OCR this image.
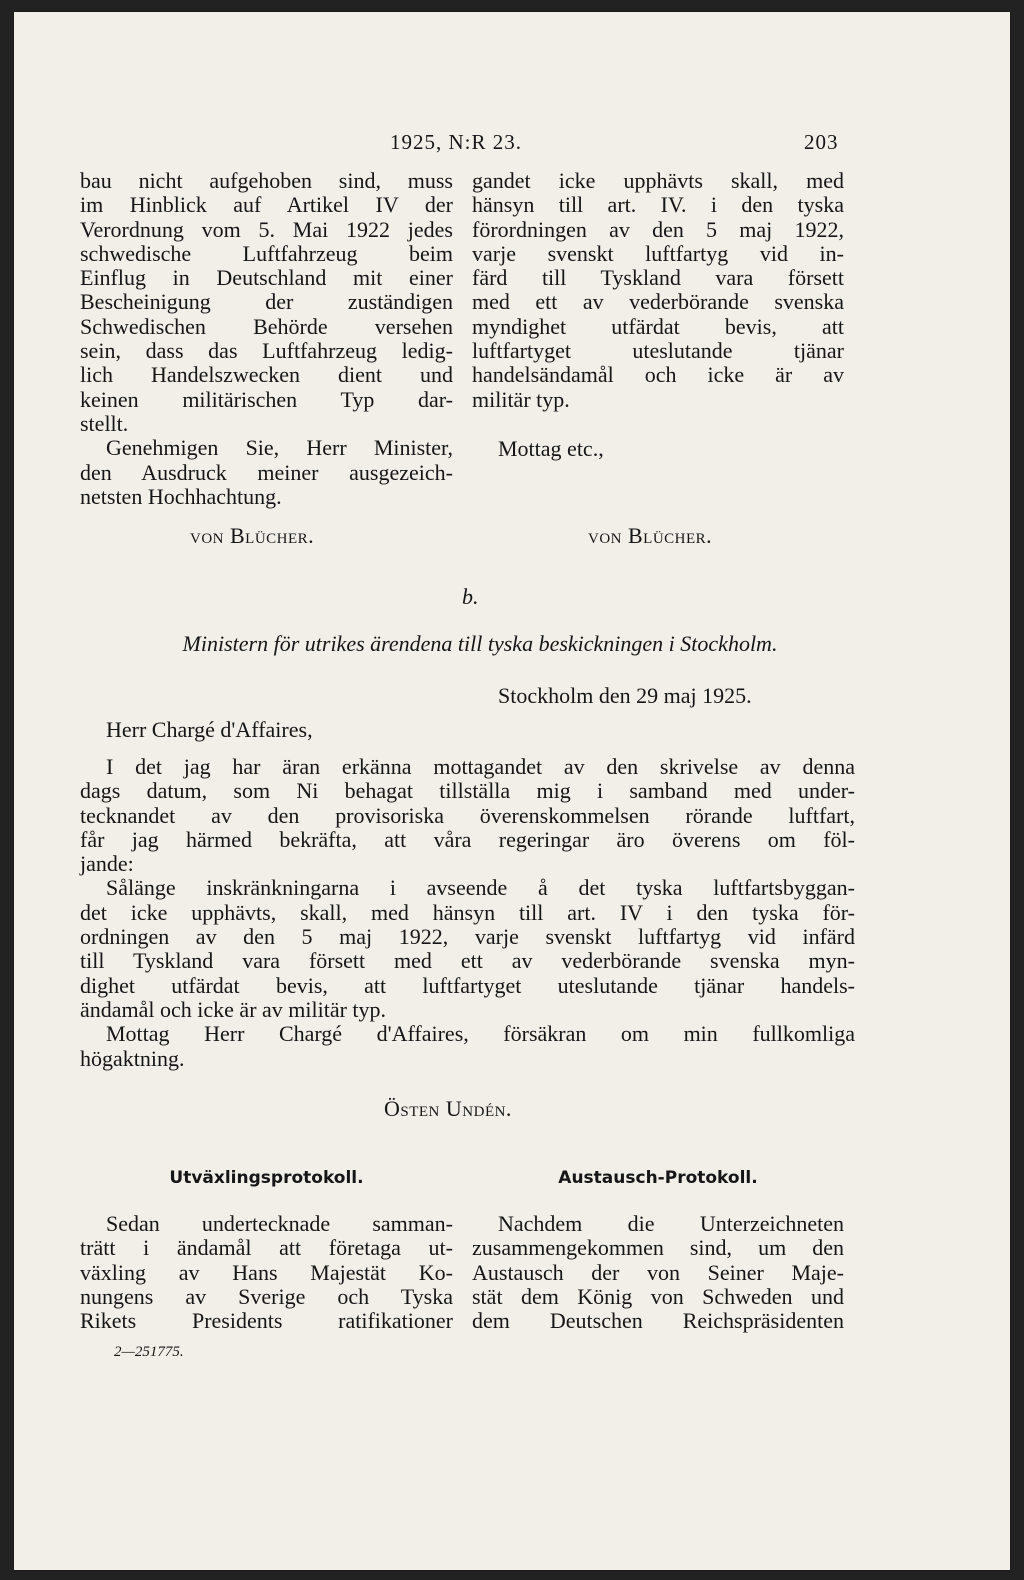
1925, N:R 23.	203

bau nicht aufgehoben sind, muss

im Hinblick auf Artikel IV der

Verordnung vom 5. Mai 1922 jedes

schwedische Luftfahrzeug beim

Einflug in Deutschland mit einer

Bescheinigung der zuständigen

Schwedischen Behörde versehen

sein, dass das Luftfahrzeug ledig-

lich Handelszwecken dient und

keinen militärischen Typ dar-

stellt.

Genehmigen Sie, Herr Minister,

den Ausdruck meiner ausgezeich-

netsten Hochhachtung.

von Blücher.

gandet icke upphävts skall, med

hänsyn till art. IV. i den tyska

förordningen av den 5 maj 1922,

varje svenskt luftfartyg vid in-

färd till Tyskland vara försett

med ett av vederbörande svenska

myndighet utfärdat bevis, att

luftfartyget uteslutande tjänar

handelsändamål och icke är av

militär typ.

Mottag etc.,
von Blücher.
b.
Ministern för utrikes ärendena till tyska beskickningen i Stockholm.
Stockholm den 29 maj 1925.
Herr Chargé d'Affaires,

I det jag har äran erkänna mottagandet av den skrivelse av denna

dags datum, som Ni behagat tillställa mig i samband med under-

tecknandet av den provisoriska överenskommelsen rörande luftfart,

får jag härmed bekräfta, att våra regeringar äro överens om föl-

jande:

Sålänge inskränkningarna i avseende å det tyska luftfartsbyggan-

det icke upphävts, skall, med hänsyn till art. IV i den tyska för-

ordningen av den 5 maj 1922, varje svenskt luftfartyg vid infärd

till Tyskland vara försett med ett av vederbörande svenska myn-

dighet utfärdat bevis, att luftfartyget uteslutande tjänar handels-

ändamål och icke är av militär typ.

Mottag Herr Chargé d'Affaires, försäkran om min fullkomliga

högaktning.

Östen Undén.
Utväxlingsprotokoll.	Austausch-Protokoll.

Sedan undertecknade samman-

trätt i ändamål att företaga ut-

växling av Hans Majestät Ko-

nungens av Sverige och Tyska

Rikets Presidents ratifikationer

Nachdem die Unterzeichneten

zusammengekommen sind, um den

Austausch der von Seiner Maje-

stät dem König von Schweden und

dem Deutschen Reichspräsidenten

2—251775.
